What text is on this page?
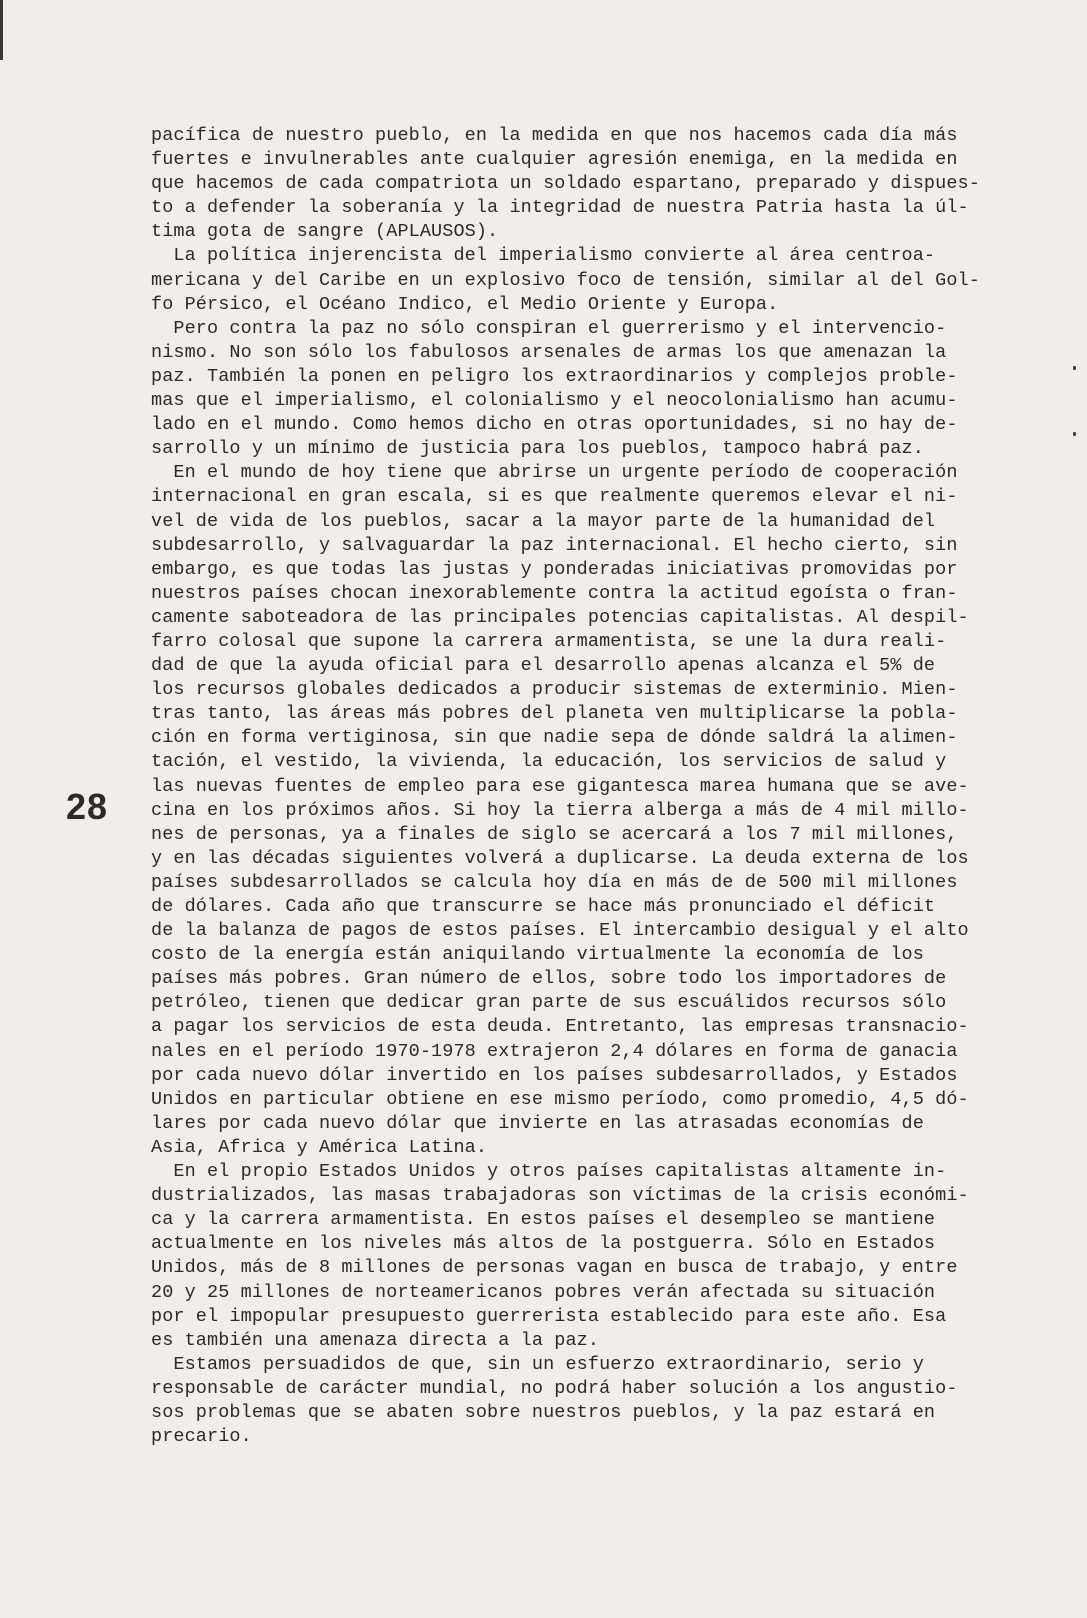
28
pacífica de nuestro pueblo, en la medida en que nos hacemos cada día más
fuertes e invulnerables ante cualquier agresión enemiga, en la medida en
que hacemos de cada compatriota un soldado espartano, preparado y dispues-
to a defender la soberanía y la integridad de nuestra Patria hasta la úl-
tima gota de sangre (APLAUSOS).
La política injerencista del imperialismo convierte al área centroa-
mericana y del Caribe en un explosivo foco de tensión, similar al del Gol-
fo Pérsico, el Océano Indico, el Medio Oriente y Europa.
Pero contra la paz no sólo conspiran el guerrerismo y el intervencio-
nismo. No son sólo los fabulosos arsenales de armas los que amenazan la
paz. También la ponen en peligro los extraordinarios y complejos proble-
mas que el imperialismo, el colonialismo y el neocolonialismo han acumu-
lado en el mundo. Como hemos dicho en otras oportunidades, si no hay de-
sarrollo y un mínimo de justicia para los pueblos, tampoco habrá paz.
En el mundo de hoy tiene que abrirse un urgente período de cooperación
internacional en gran escala, si es que realmente queremos elevar el ni-
vel de vida de los pueblos, sacar a la mayor parte de la humanidad del
subdesarrollo, y salvaguardar la paz internacional. El hecho cierto, sin
embargo, es que todas las justas y ponderadas iniciativas promovidas por
nuestros países chocan inexorablemente contra la actitud egoísta o fran-
camente saboteadora de las principales potencias capitalistas. Al despil-
farro colosal que supone la carrera armamentista, se une la dura reali-
dad de que la ayuda oficial para el desarrollo apenas alcanza el 5% de
los recursos globales dedicados a producir sistemas de exterminio. Mien-
tras tanto, las áreas más pobres del planeta ven multiplicarse la pobla-
ción en forma vertiginosa, sin que nadie sepa de dónde saldrá la alimen-
tación, el vestido, la vivienda, la educación, los servicios de salud y
las nuevas fuentes de empleo para ese gigantesca marea humana que se ave-
cina en los próximos años. Si hoy la tierra alberga a más de 4 mil millo-
nes de personas, ya a finales de siglo se acercará a los 7 mil millones,
y en las décadas siguientes volverá a duplicarse. La deuda externa de los
países subdesarrollados se calcula hoy día en más de de 500 mil millones
de dólares. Cada año que transcurre se hace más pronunciado el déficit
de la balanza de pagos de estos países. El intercambio desigual y el alto
costo de la energía están aniquilando virtualmente la economía de los
países más pobres. Gran número de ellos, sobre todo los importadores de
petróleo, tienen que dedicar gran parte de sus escuálidos recursos sólo
a pagar los servicios de esta deuda. Entretanto, las empresas transnacio-
nales en el período 1970-1978 extrajeron 2,4 dólares en forma de ganacia
por cada nuevo dólar invertido en los países subdesarrollados, y Estados
Unidos en particular obtiene en ese mismo período, como promedio, 4,5 dó-
lares por cada nuevo dólar que invierte en las atrasadas economías de
Asia, Africa y América Latina.
En el propio Estados Unidos y otros países capitalistas altamente in-
dustrializados, las masas trabajadoras son víctimas de la crisis económi-
ca y la carrera armamentista. En estos países el desempleo se mantiene
actualmente en los niveles más altos de la postguerra. Sólo en Estados
Unidos, más de 8 millones de personas vagan en busca de trabajo, y entre
20 y 25 millones de norteamericanos pobres verán afectada su situación
por el impopular presupuesto guerrerista establecido para este año. Esa
es también una amenaza directa a la paz.
Estamos persuadidos de que, sin un esfuerzo extraordinario, serio y
responsable de carácter mundial, no podrá haber solución a los angustio-
sos problemas que se abaten sobre nuestros pueblos, y la paz estará en
precario.
